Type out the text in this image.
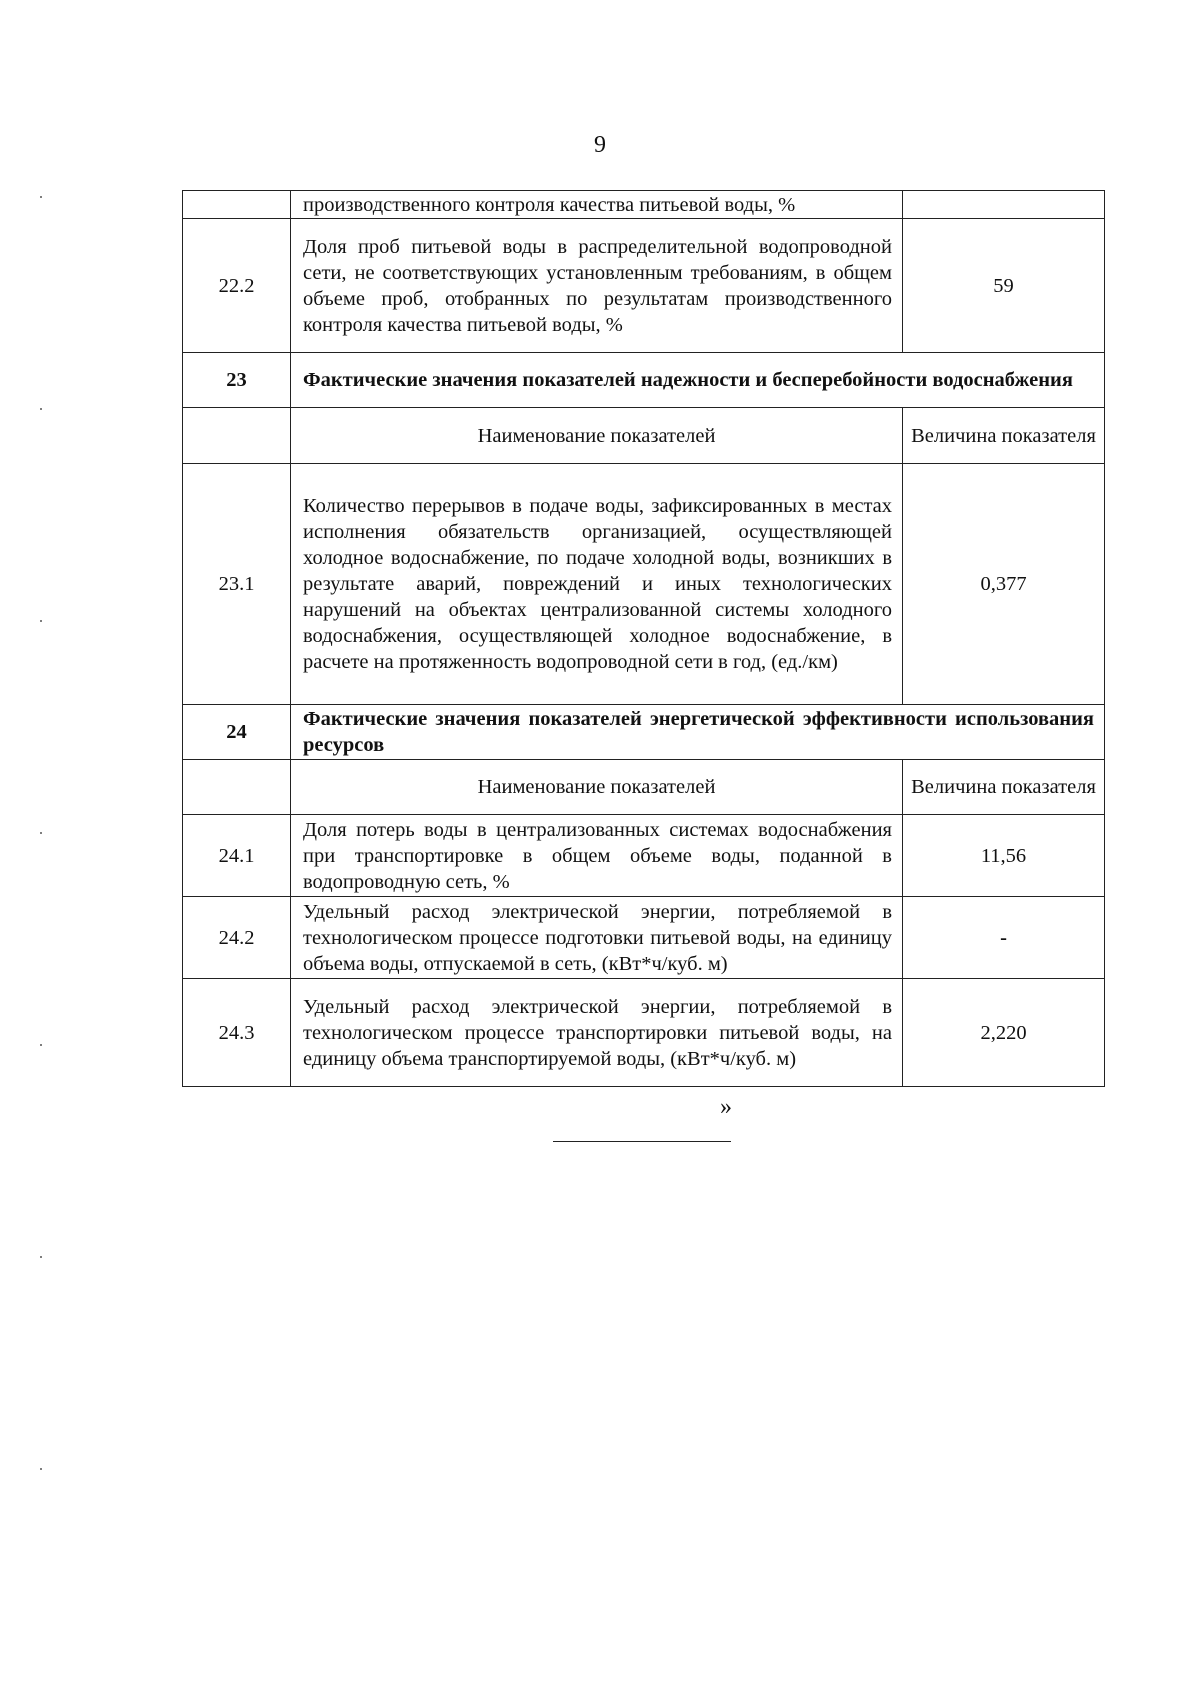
9
	производственного контроля качества питьевой воды, %	
22.2	Доля проб питьевой воды в распределительной водопроводной сети, не соответствующих установленным требованиям, в общем объеме проб, отобранных по результатам производственного контроля качества питьевой воды, %	59
23	Фактические значения показателей надежности и бесперебойности водоснабжения	
	Наименование показателей	Величина показателя
23.1	Количество перерывов в подаче воды, зафиксированных в местах исполнения обязательств организацией, осуществляющей холодное водоснабжение, по подаче холодной воды, возникших в результате аварий, повреждений и иных технологических нарушений на объектах централизованной системы холодного водоснабжения, осуществляющей холодное водоснабжение, в расчете на протяженность водопроводной сети в год, (ед./км)	0,377
24	Фактические значения показателей энергетической эффективности использования ресурсов	
	Наименование показателей	Величина показателя
24.1	Доля потерь воды в централизованных системах водоснабжения при транспортировке в общем объеме воды, поданной в водопроводную сеть, %	11,56
24.2	Удельный расход электрической энергии, потребляемой в технологическом процессе подготовки питьевой воды, на единицу объема воды, отпускаемой в сеть, (кВт*ч/куб. м)	-
24.3	Удельный расход электрической энергии, потребляемой в технологическом процессе транспортировки питьевой воды, на единицу объема транспортируемой воды, (кВт*ч/куб. м)	2,220
»
